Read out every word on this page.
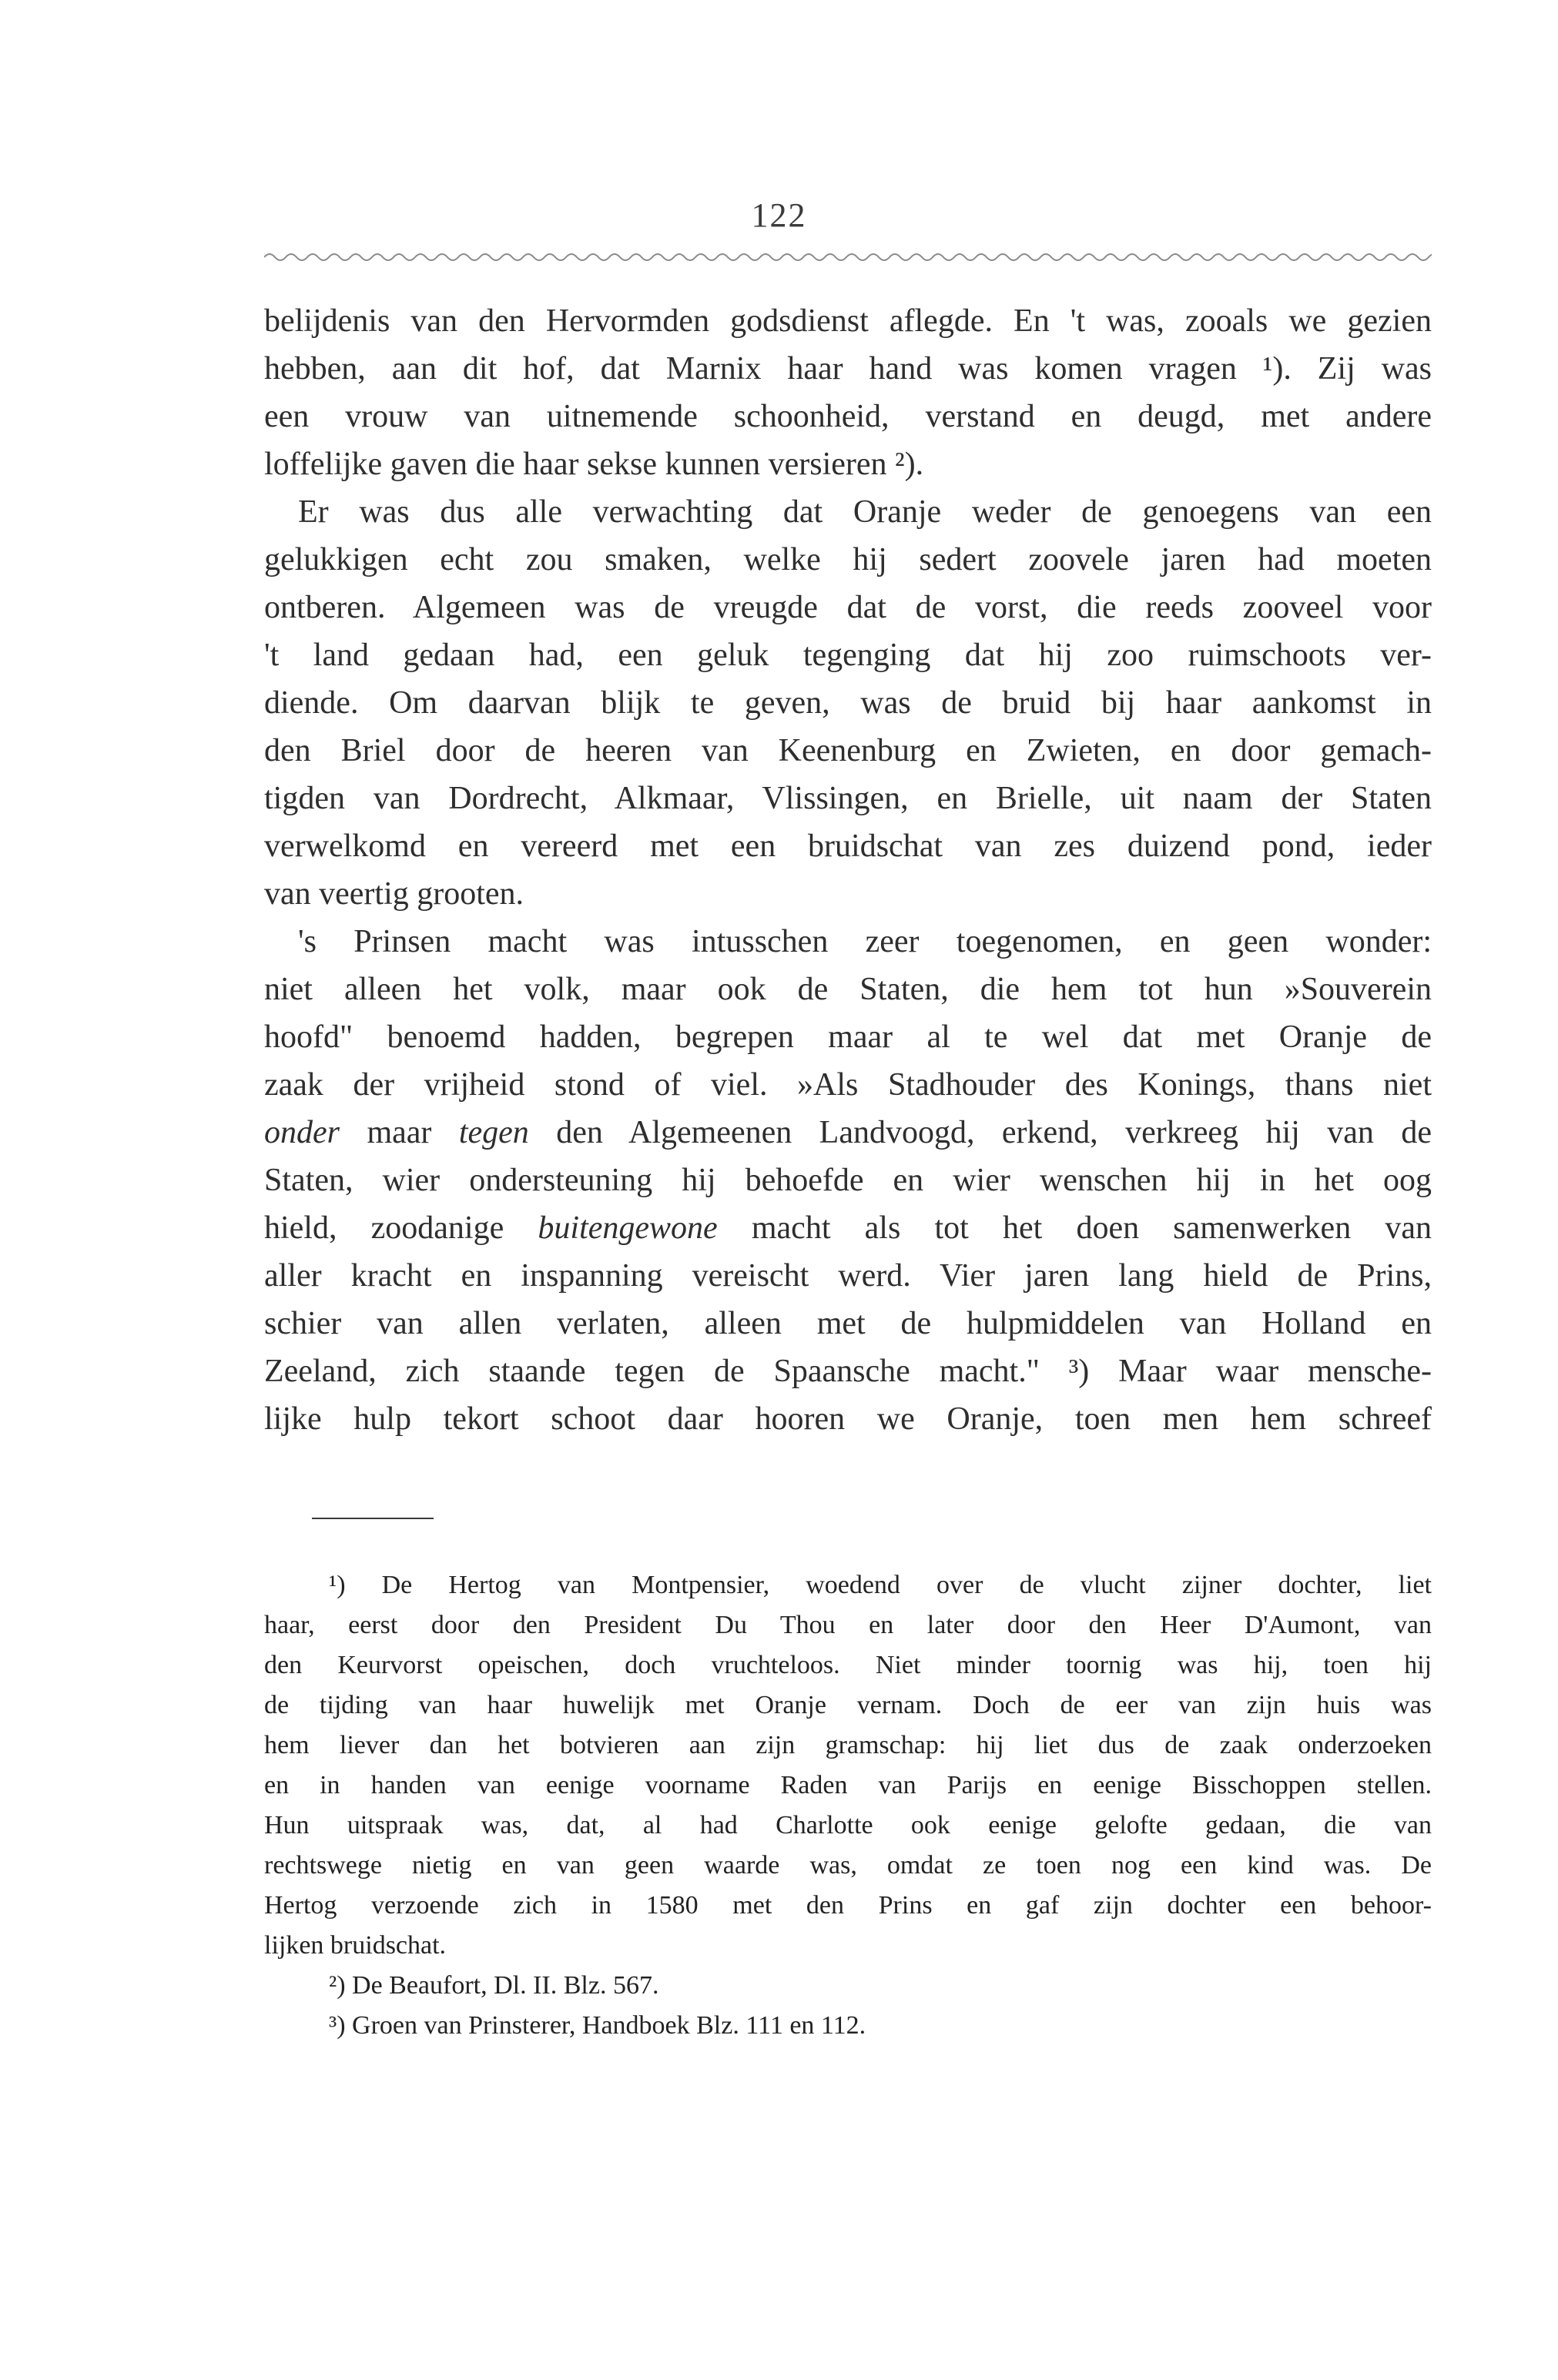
122
belijdenis van den Hervormden godsdienst aflegde. En 't was, zooals we gezien
hebben, aan dit hof, dat Marnix haar hand was komen vragen ¹). Zij was
een vrouw van uitnemende schoonheid, verstand en deugd, met andere
loffelijke gaven die haar sekse kunnen versieren ²).
Er was dus alle verwachting dat Oranje weder de genoegens van een
gelukkigen echt zou smaken, welke hij sedert zoovele jaren had moeten
ontberen. Algemeen was de vreugde dat de vorst, die reeds zooveel voor
't land gedaan had, een geluk tegenging dat hij zoo ruimschoots ver-
diende. Om daarvan blijk te geven, was de bruid bij haar aankomst in
den Briel door de heeren van Keenenburg en Zwieten, en door gemach-
tigden van Dordrecht, Alkmaar, Vlissingen, en Brielle, uit naam der Staten
verwelkomd en vereerd met een bruidschat van zes duizend pond, ieder
van veertig grooten.
's Prinsen macht was intusschen zeer toegenomen, en geen wonder:
niet alleen het volk, maar ook de Staten, die hem tot hun »Souverein
hoofd" benoemd hadden, begrepen maar al te wel dat met Oranje de
zaak der vrijheid stond of viel. »Als Stadhouder des Konings, thans niet
onder maar tegen den Algemeenen Landvoogd, erkend, verkreeg hij van de
Staten, wier ondersteuning hij behoefde en wier wenschen hij in het oog
hield, zoodanige buitengewone macht als tot het doen samenwerken van
aller kracht en inspanning vereischt werd. Vier jaren lang hield de Prins,
schier van allen verlaten, alleen met de hulpmiddelen van Holland en
Zeeland, zich staande tegen de Spaansche macht." ³) Maar waar mensche-
lijke hulp tekort schoot daar hooren we Oranje, toen men hem schreef
¹) De Hertog van Montpensier, woedend over de vlucht zijner dochter, liet
haar, eerst door den President Du Thou en later door den Heer D'Aumont, van
den Keurvorst opeischen, doch vruchteloos. Niet minder toornig was hij, toen hij
de tijding van haar huwelijk met Oranje vernam. Doch de eer van zijn huis was
hem liever dan het botvieren aan zijn gramschap: hij liet dus de zaak onderzoeken
en in handen van eenige voorname Raden van Parijs en eenige Bisschoppen stellen.
Hun uitspraak was, dat, al had Charlotte ook eenige gelofte gedaan, die van
rechtswege nietig en van geen waarde was, omdat ze toen nog een kind was. De
Hertog verzoende zich in 1580 met den Prins en gaf zijn dochter een behoor-
lijken bruidschat.
²) De Beaufort, Dl. II. Blz. 567.
³) Groen van Prinsterer, Handboek Blz. 111 en 112.
